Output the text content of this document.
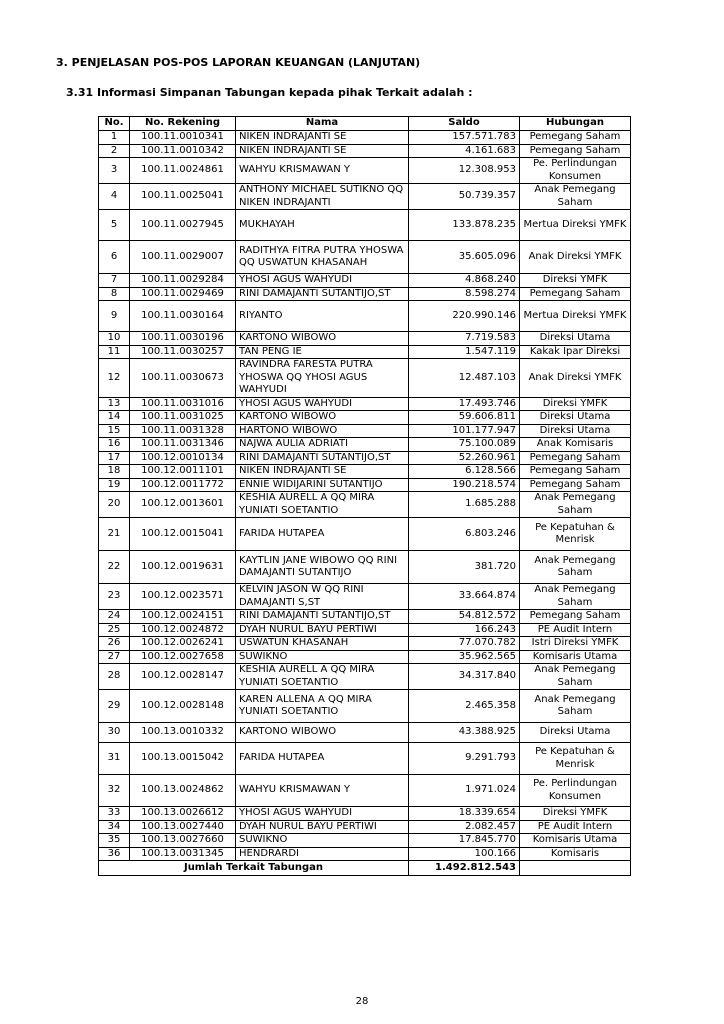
3. PENJELASAN POS-POS LAPORAN KEUANGAN (LANJUTAN)
3.31 Informasi Simpanan Tabungan kepada pihak Terkait adalah :
No.	No. Rekening	Nama	Saldo	Hubungan
1	100.11.0010341	NIKEN INDRAJANTI SE	157.571.783	Pemegang Saham
2	100.11.0010342	NIKEN INDRAJANTI SE	4.161.683	Pemegang Saham
3	100.11.0024861	WAHYU KRISMAWAN Y	12.308.953	Pe. Perlindungan Konsumen
4	100.11.0025041	ANTHONY MICHAEL SUTIKNO QQ NIKEN INDRAJANTI	50.739.357	Anak Pemegang Saham
5	100.11.0027945	MUKHAYAH	133.878.235	Mertua Direksi YMFK
6	100.11.0029007	RADITHYA FITRA PUTRA YHOSWA QQ USWATUN KHASANAH	35.605.096	Anak Direksi YMFK
7	100.11.0029284	YHOSI AGUS WAHYUDI	4.868.240	Direksi YMFK
8	100.11.0029469	RINI DAMAJANTI SUTANTIJO,ST	8.598.274	Pemegang Saham
9	100.11.0030164	RIYANTO	220.990.146	Mertua Direksi YMFK
10	100.11.0030196	KARTONO WIBOWO	7.719.583	Direksi Utama
11	100.11.0030257	TAN PENG IE	1.547.119	Kakak Ipar Direksi
12	100.11.0030673	RAVINDRA FARESTA PUTRA YHOSWA QQ YHOSI AGUS WAHYUDI	12.487.103	Anak Direksi YMFK
13	100.11.0031016	YHOSI AGUS WAHYUDI	17.493.746	Direksi YMFK
14	100.11.0031025	KARTONO WIBOWO	59.606.811	Direksi Utama
15	100.11.0031328	HARTONO WIBOWO	101.177.947	Direksi Utama
16	100.11.0031346	NAJWA AULIA ADRIATI	75.100.089	Anak Komisaris
17	100.12.0010134	RINI DAMAJANTI SUTANTIJO,ST	52.260.961	Pemegang Saham
18	100.12.0011101	NIKEN INDRAJANTI SE	6.128.566	Pemegang Saham
19	100.12.0011772	ENNIE WIDIJARINI SUTANTIJO	190.218.574	Pemegang Saham
20	100.12.0013601	KESHIA AURELL A QQ MIRA YUNIATI SOETANTIO	1.685.288	Anak Pemegang Saham
21	100.12.0015041	FARIDA HUTAPEA	6.803.246	Pe Kepatuhan & Menrisk
22	100.12.0019631	KAYTLIN JANE WIBOWO QQ RINI DAMAJANTI SUTANTIJO	381.720	Anak Pemegang Saham
23	100.12.0023571	KELVIN JASON W QQ RINI DAMAJANTI S,ST	33.664.874	Anak Pemegang Saham
24	100.12.0024151	RINI DAMAJANTI SUTANTIJO,ST	54.812.572	Pemegang Saham
25	100.12.0024872	DYAH NURUL BAYU PERTIWI	166.243	PE Audit Intern
26	100.12.0026241	USWATUN KHASANAH	77.070.782	Istri Direksi YMFK
27	100.12.0027658	SUWIKNO	35.962.565	Komisaris Utama
28	100.12.0028147	KESHIA AURELL A QQ MIRA YUNIATI SOETANTIO	34.317.840	Anak Pemegang Saham
29	100.12.0028148	KAREN ALLENA A QQ MIRA YUNIATI SOETANTIO	2.465.358	Anak Pemegang Saham
30	100.13.0010332	KARTONO WIBOWO	43.388.925	Direksi Utama
31	100.13.0015042	FARIDA HUTAPEA	9.291.793	Pe Kepatuhan & Menrisk
32	100.13.0024862	WAHYU KRISMAWAN Y	1.971.024	Pe. Perlindungan Konsumen
33	100.13.0026612	YHOSI AGUS WAHYUDI	18.339.654	Direksi YMFK
34	100.13.0027440	DYAH NURUL BAYU PERTIWI	2.082.457	PE Audit Intern
35	100.13.0027660	SUWIKNO	17.845.770	Komisaris Utama
36	100.13.0031345	HENDRARDI	100.166	Komisaris
Jumlah Terkait Tabungan			1.492.812.543	
28
